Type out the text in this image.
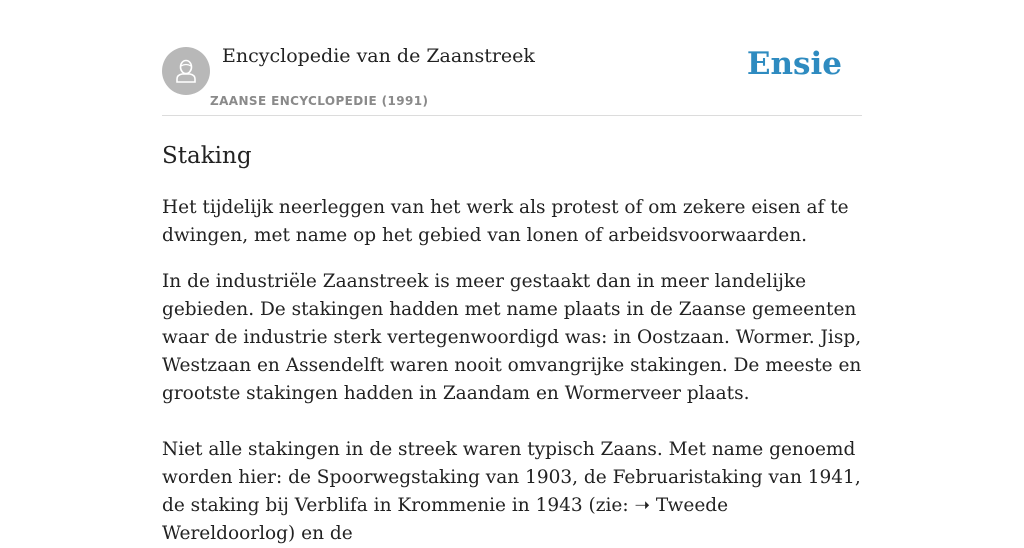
Encyclopedie van de Zaanstreek
ZAANSE ENCYCLOPEDIE (1991)
Ensie
Staking

Het tijdelijk neerleggen van het werk als protest of om zekere eisen af te dwingen, met name op het gebied van lonen of arbeidsvoorwaarden.

In de industriële Zaanstreek is meer gestaakt dan in meer landelijke gebieden. De stakingen hadden met name plaats in de Zaanse gemeenten waar de industrie sterk vertegenwoordigd was: in Oostzaan. Wormer. Jisp, Westzaan en Assendelft waren nooit omvangrijke stakingen. De meeste en grootste stakingen hadden in Zaandam en Wormerveer plaats.

Niet alle stakingen in de streek waren typisch Zaans. Met name genoemd worden hier: de Spoorwegstaking van 1903, de Februaristaking van 1941, de staking bij Verblifa in Krommenie in 1943 (zie: ➝ Tweede Wereldoorlog) en de
